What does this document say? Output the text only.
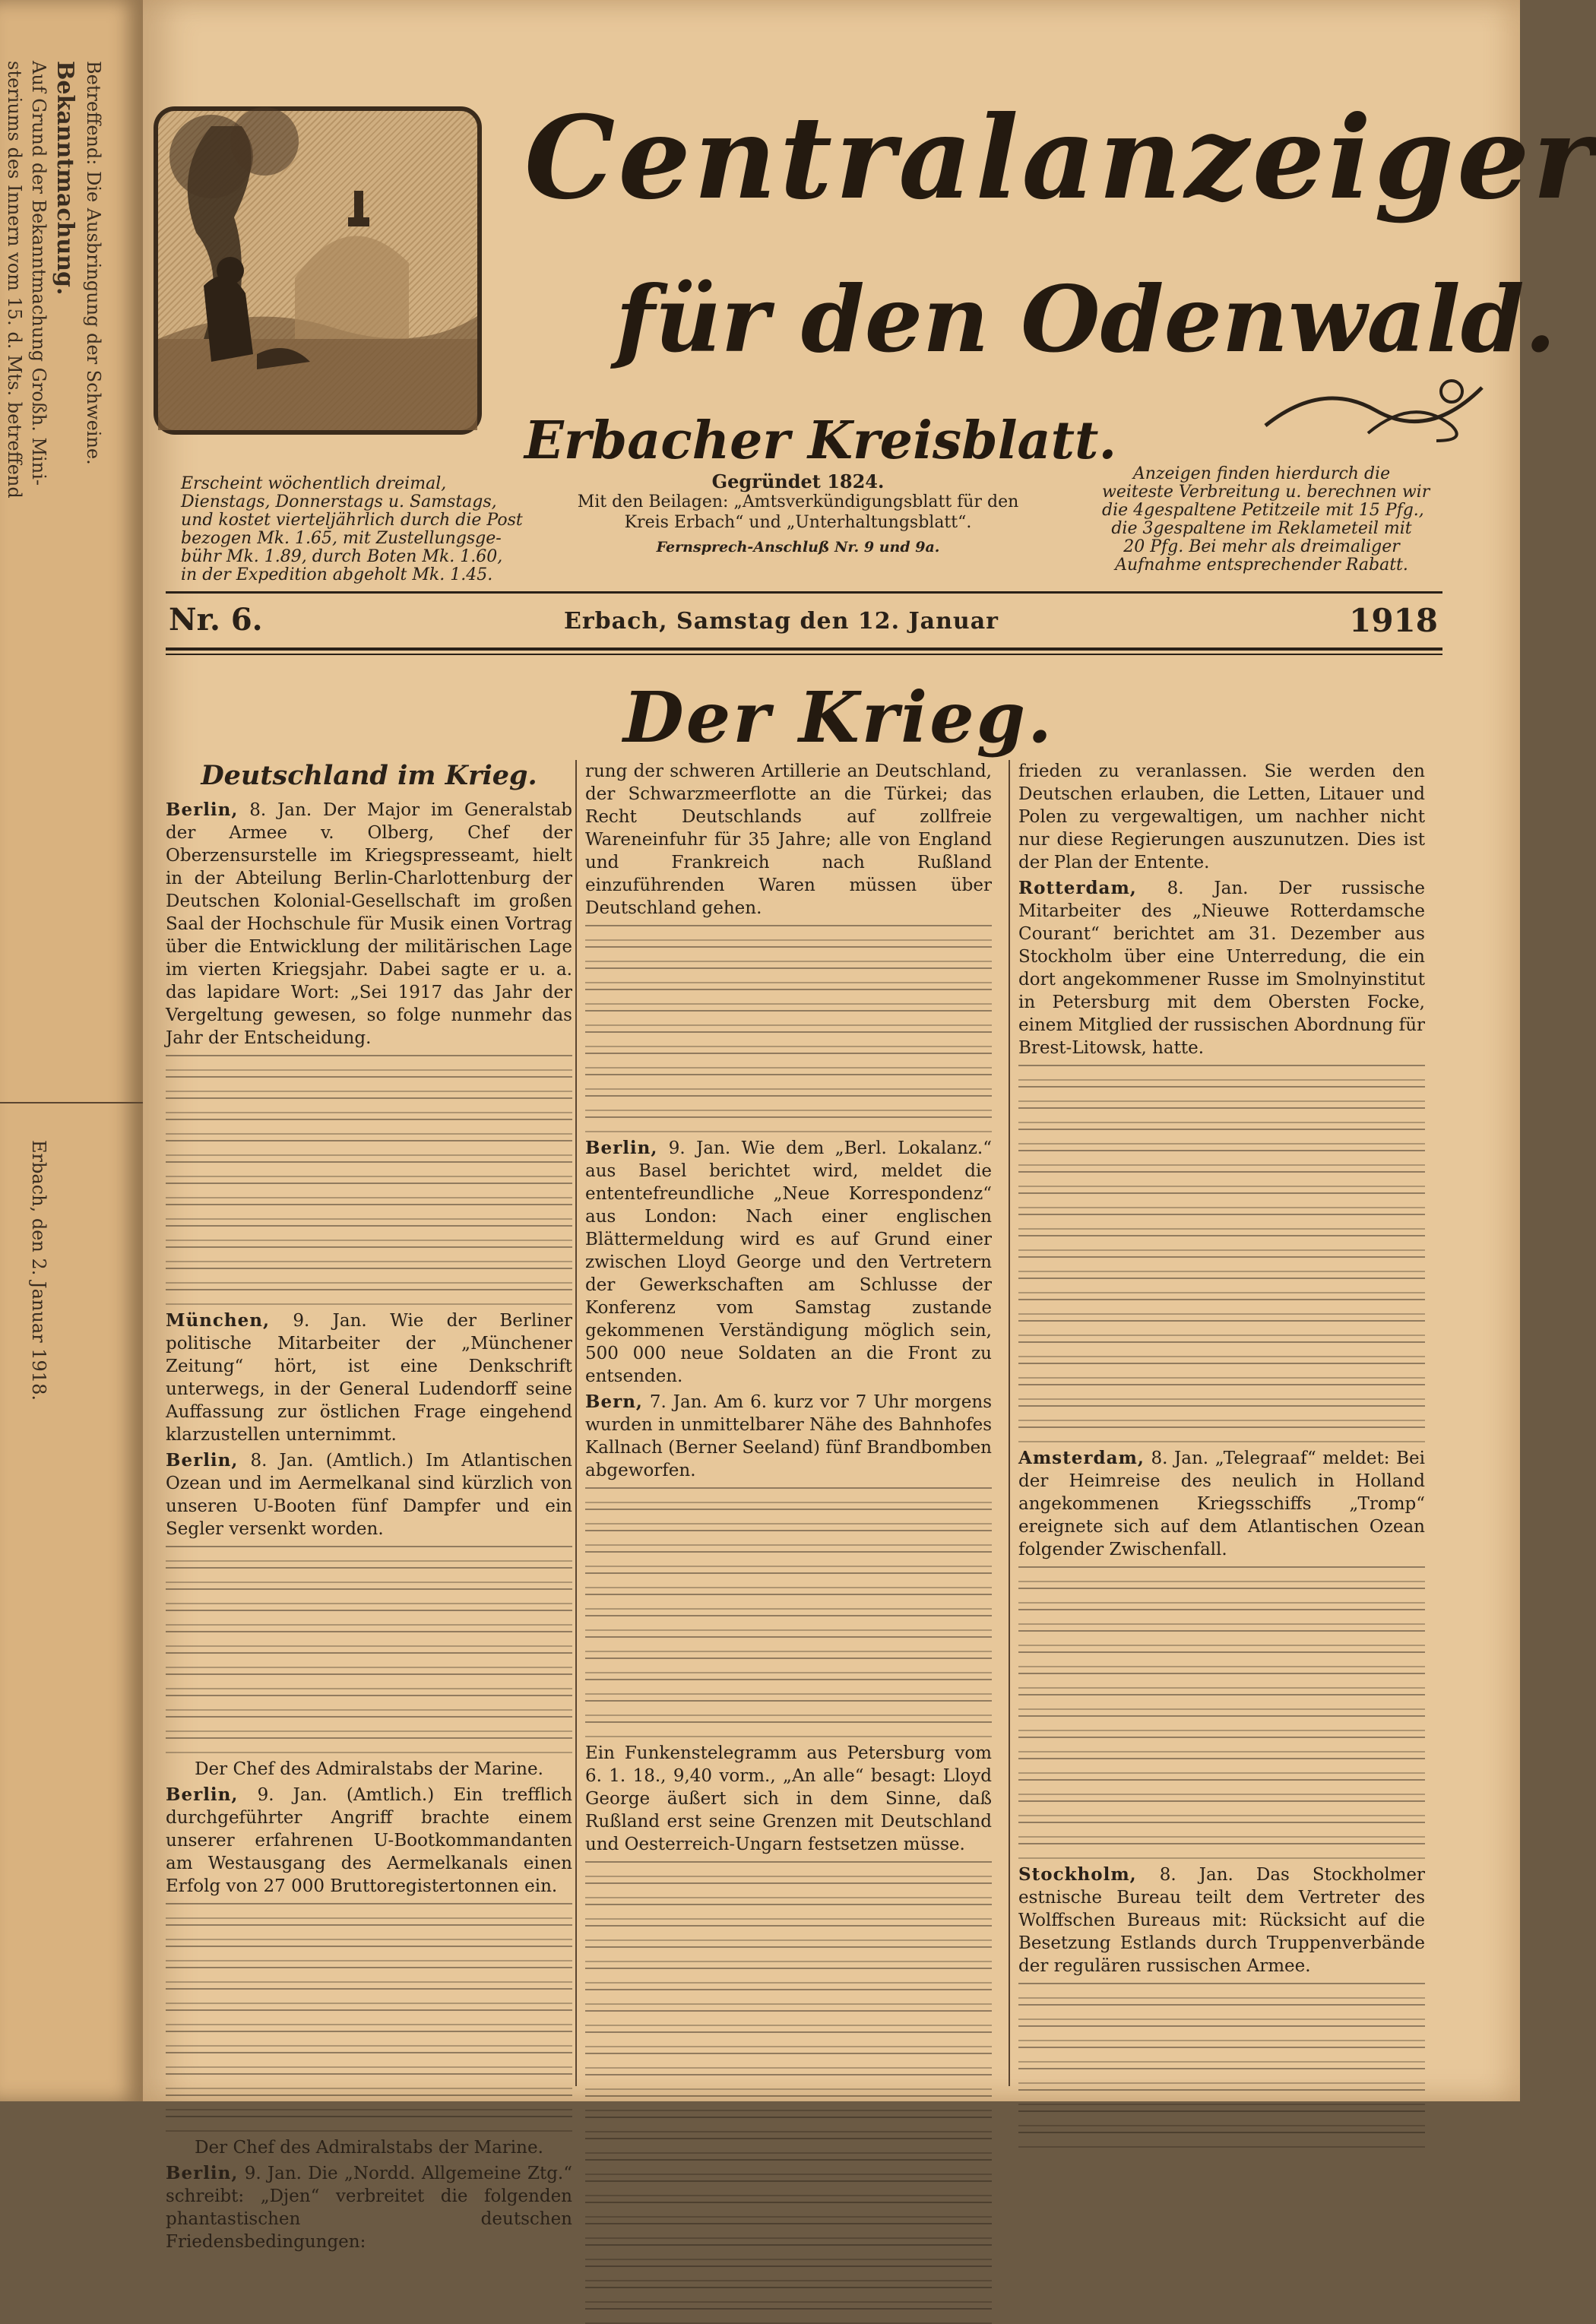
Betreffend: Die Ausbringung der Schweine.
Bekanntmachung.
Auf Grund der Bekanntmachung Großh. Mini-
steriums des Innern vom 15. d. Mts. betreffend
Erbach, den 2. Januar 1918.
Centralanzeiger
für den Odenwald.
Erbacher Kreisblatt.
Erscheint wöchentlich dreimal,
Dienstags, Donnerstags u. Samstags,
und kostet vierteljährlich durch die Post
bezogen Mk. 1.65, mit Zustellungsge-
bühr Mk. 1.89, durch Boten Mk. 1.60,
in der Expedition abgeholt Mk. 1.45.
Gegründet 1824.
Mit den Beilagen: „Amtsverkündigungsblatt für den
Kreis Erbach“ und „Unterhaltungsblatt“.
Fernsprech-Anschluß Nr. 9 und 9a.
Anzeigen finden hierdurch die
weiteste Verbreitung u. berechnen wir
die 4gespaltene Petitzeile mit 15 Pfg.,
die 3gespaltene im Reklameteil mit
20 Pfg. Bei mehr als dreimaliger
Aufnahme entsprechender Rabatt.
Nr. 6.	Erbach, Samstag den 12. Januar	1918
Der Krieg.
Deutschland im Krieg.

Berlin, 8. Jan. Der Major im Generalstab der Armee v. Olberg, Chef der Oberzensurstelle im Kriegspresseamt, hielt in der Abteilung Berlin-Charlottenburg der Deutschen Kolonial-Gesellschaft im großen Saal der Hochschule für Musik einen Vortrag über die Entwicklung der militärischen Lage im vierten Kriegsjahr. Dabei sagte er u. a. das lapidare Wort: „Sei 1917 das Jahr der Vergeltung gewesen, so folge nunmehr das Jahr der Entscheidung.

München, 9. Jan. Wie der Berliner politische Mitarbeiter der „Münchener Zeitung“ hört, ist eine Denkschrift unterwegs, in der General Ludendorff seine Auffassung zur östlichen Frage eingehend klarzustellen unternimmt.

Berlin, 8. Jan. (Amtlich.) Im Atlantischen Ozean und im Aermelkanal sind kürzlich von unseren U-Booten fünf Dampfer und ein Segler versenkt worden.

Der Chef des Admiralstabs der Marine.

Berlin, 9. Jan. (Amtlich.) Ein trefflich durchgeführter Angriff brachte einem unserer erfahrenen U-Bootkommandanten am Westausgang des Aermelkanals einen Erfolg von 27 000 Bruttoregistertonnen ein.

Der Chef des Admiralstabs der Marine.

Berlin, 9. Jan. Die „Nordd. Allgemeine Ztg.“ schreibt: „Djen“ verbreitet die folgenden phantastischen deutschen Friedensbedingungen:

rung der schweren Artillerie an Deutschland, der Schwarzmeerflotte an die Türkei; das Recht Deutschlands auf zollfreie Wareneinfuhr für 35 Jahre; alle von England und Frankreich nach Rußland einzuführenden Waren müssen über Deutschland gehen.

Berlin, 9. Jan. Wie dem „Berl. Lokalanz.“ aus Basel berichtet wird, meldet die ententefreundliche „Neue Korrespondenz“ aus London: Nach einer englischen Blättermeldung wird es auf Grund einer zwischen Lloyd George und den Vertretern der Gewerkschaften am Schlusse der Konferenz vom Samstag zustande gekommenen Verständigung möglich sein, 500 000 neue Soldaten an die Front zu entsenden.

Bern, 7. Jan. Am 6. kurz vor 7 Uhr morgens wurden in unmittelbarer Nähe des Bahnhofes Kallnach (Berner Seeland) fünf Brandbomben abgeworfen.

Ein Funkenstelegramm aus Petersburg vom 6. 1. 18., 9,40 vorm., „An alle“ besagt: Lloyd George äußert sich in dem Sinne, daß Rußland erst seine Grenzen mit Deutschland und Oesterreich-Ungarn festsetzen müsse.

frieden zu veranlassen. Sie werden den Deutschen erlauben, die Letten, Litauer und Polen zu vergewaltigen, um nachher nicht nur diese Regierungen auszunutzen. Dies ist der Plan der Entente.

Rotterdam, 8. Jan. Der russische Mitarbeiter des „Nieuwe Rotterdamsche Courant“ berichtet am 31. Dezember aus Stockholm über eine Unterredung, die ein dort angekommener Russe im Smolnyinstitut in Petersburg mit dem Obersten Focke, einem Mitglied der russischen Abordnung für Brest-Litowsk, hatte.

Amsterdam, 8. Jan. „Telegraaf“ meldet: Bei der Heimreise des neulich in Holland angekommenen Kriegsschiffs „Tromp“ ereignete sich auf dem Atlantischen Ozean folgender Zwischenfall.

Stockholm, 8. Jan. Das Stockholmer estnische Bureau teilt dem Vertreter des Wolffschen Bureaus mit: Rücksicht auf die Besetzung Estlands durch Truppenverbände der regulären russischen Armee.
